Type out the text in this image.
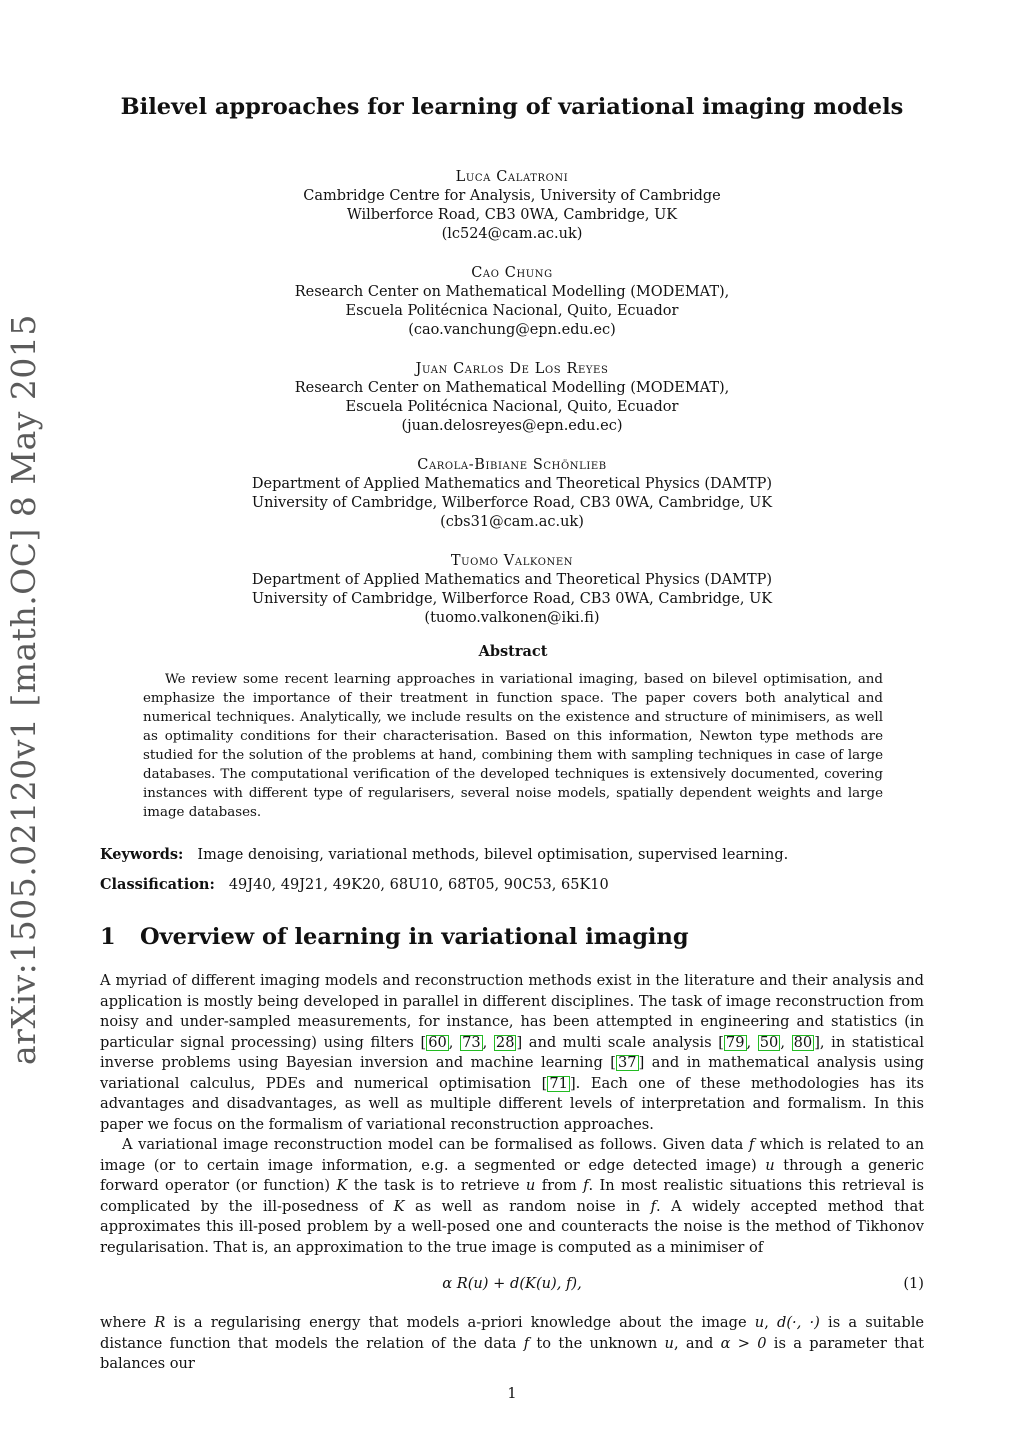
arXiv:1505.02120v1 [math.OC] 8 May 2015
Bilevel approaches for learning of variational imaging models
Luca Calatroni
Cambridge Centre for Analysis, University of Cambridge
Wilberforce Road, CB3 0WA, Cambridge, UK
(lc524@cam.ac.uk)
Cao Chung
Research Center on Mathematical Modelling (MODEMAT),
Escuela Politécnica Nacional, Quito, Ecuador
(cao.vanchung@epn.edu.ec)
Juan Carlos De Los Reyes
Research Center on Mathematical Modelling (MODEMAT),
Escuela Politécnica Nacional, Quito, Ecuador
(juan.delosreyes@epn.edu.ec)
Carola-Bibiane Schönlieb
Department of Applied Mathematics and Theoretical Physics (DAMTP)
University of Cambridge, Wilberforce Road, CB3 0WA, Cambridge, UK
(cbs31@cam.ac.uk)
Tuomo Valkonen
Department of Applied Mathematics and Theoretical Physics (DAMTP)
University of Cambridge, Wilberforce Road, CB3 0WA, Cambridge, UK
(tuomo.valkonen@iki.fi)
Abstract

We review some recent learning approaches in variational imaging, based on bilevel optimisation, and emphasize the importance of their treatment in function space. The paper covers both analytical and numerical techniques. Analytically, we include results on the existence and structure of minimisers, as well as optimality conditions for their characterisation. Based on this information, Newton type methods are studied for the solution of the problems at hand, combining them with sampling techniques in case of large databases. The computational verification of the developed techniques is extensively documented, covering instances with different type of regularisers, several noise models, spatially dependent weights and large image databases.

Keywords: Image denoising, variational methods, bilevel optimisation, supervised learning.
Classification: 49J40, 49J21, 49K20, 68U10, 68T05, 90C53, 65K10
1 Overview of learning in variational imaging

A myriad of different imaging models and reconstruction methods exist in the literature and their analysis and application is mostly being developed in parallel in different disciplines. The task of image reconstruction from noisy and under-sampled measurements, for instance, has been attempted in engineering and statistics (in particular signal processing) using filters [ 60 , 73 , 28 ] and multi scale analysis [ 79 , 50 , 80 ], in statistical inverse problems using Bayesian inversion and machine learning [ 37 ] and in mathematical analysis using variational calculus, PDEs and numerical optimisation [ 71 ]. Each one of these methodologies has its advantages and disadvantages, as well as multiple different levels of interpretation and formalism. In this paper we focus on the formalism of variational reconstruction approaches.

A variational image reconstruction model can be formalised as follows. Given data f which is related to an image (or to certain image information, e.g. a segmented or edge detected image) u through a generic forward operator (or function) K the task is to retrieve u from f. In most realistic situations this retrieval is complicated by the ill-posedness of K as well as random noise in f. A widely accepted method that approximates this ill-posed problem by a well-posed one and counteracts the noise is the method of Tikhonov regularisation. That is, an approximation to the true image is computed as a minimiser of

α R(u) + d(K(u), f),	(1)

where R is a regularising energy that models a-priori knowledge about the image u, d(·, ·) is a suitable distance function that models the relation of the data f to the unknown u, and α > 0 is a parameter that balances our

1
